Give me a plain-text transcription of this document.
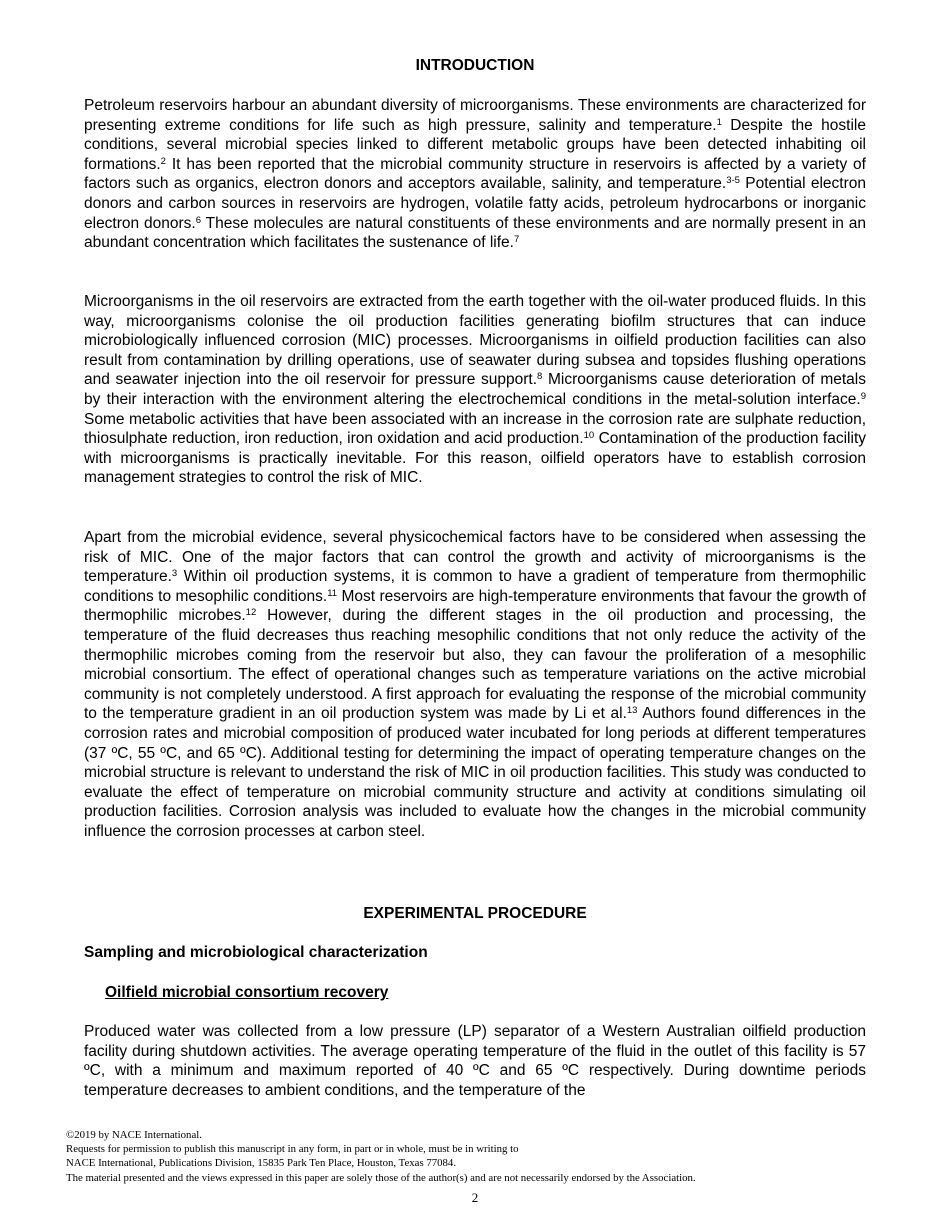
INTRODUCTION

Petroleum reservoirs harbour an abundant diversity of microorganisms. These environments are characterized for presenting extreme conditions for life such as high pressure, salinity and temperature.$^1$ Despite the hostile conditions, several microbial species linked to different metabolic groups have been detected inhabiting oil formations.$^2$ It has been reported that the microbial community structure in reservoirs is affected by a variety of factors such as organics, electron donors and acceptors available, salinity, and temperature.$^{3-5}$ Potential electron donors and carbon sources in reservoirs are hydrogen, volatile fatty acids, petroleum hydrocarbons or inorganic electron donors.$^6$ These molecules are natural constituents of these environments and are normally present in an abundant concentration which facilitates the sustenance of life.$^7$

Microorganisms in the oil reservoirs are extracted from the earth together with the oil-water produced fluids. In this way, microorganisms colonise the oil production facilities generating biofilm structures that can induce microbiologically influenced corrosion (MIC) processes. Microorganisms in oilfield production facilities can also result from contamination by drilling operations, use of seawater during subsea and topsides flushing operations and seawater injection into the oil reservoir for pressure support.$^8$ Microorganisms cause deterioration of metals by their interaction with the environment altering the electrochemical conditions in the metal-solution interface.$^9$ Some metabolic activities that have been associated with an increase in the corrosion rate are sulphate reduction, thiosulphate reduction, iron reduction, iron oxidation and acid production.$^{10}$ Contamination of the production facility with microorganisms is practically inevitable. For this reason, oilfield operators have to establish corrosion management strategies to control the risk of MIC.

Apart from the microbial evidence, several physicochemical factors have to be considered when assessing the risk of MIC. One of the major factors that can control the growth and activity of microorganisms is the temperature.$^3$ Within oil production systems, it is common to have a gradient of temperature from thermophilic conditions to mesophilic conditions.$^{11}$ Most reservoirs are high-temperature environments that favour the growth of thermophilic microbes.$^{12}$ However, during the different stages in the oil production and processing, the temperature of the fluid decreases thus reaching mesophilic conditions that not only reduce the activity of the thermophilic microbes coming from the reservoir but also, they can favour the proliferation of a mesophilic microbial consortium. The effect of operational changes such as temperature variations on the active microbial community is not completely understood. A first approach for evaluating the response of the microbial community to the temperature gradient in an oil production system was made by Li et al.$^{13}$ Authors found differences in the corrosion rates and microbial composition of produced water incubated for long periods at different temperatures (37 ºC, 55 ºC, and 65 ºC). Additional testing for determining the impact of operating temperature changes on the microbial structure is relevant to understand the risk of MIC in oil production facilities. This study was conducted to evaluate the effect of temperature on microbial community structure and activity at conditions simulating oil production facilities. Corrosion analysis was included to evaluate how the changes in the microbial community influence the corrosion processes at carbon steel.

EXPERIMENTAL PROCEDURE
Sampling and microbiological characterization
Oilfield microbial consortium recovery

Produced water was collected from a low pressure (LP) separator of a Western Australian oilfield production facility during shutdown activities. The average operating temperature of the fluid in the outlet of this facility is 57 ºC, with a minimum and maximum reported of 40 ºC and 65 ºC respectively. During downtime periods temperature decreases to ambient conditions, and the temperature of the

©2019 by NACE International.
Requests for permission to publish this manuscript in any form, in part or in whole, must be in writing to
NACE International, Publications Division, 15835 Park Ten Place, Houston, Texas 77084.
The material presented and the views expressed in this paper are solely those of the author(s) and are not necessarily endorsed by the Association.
2
